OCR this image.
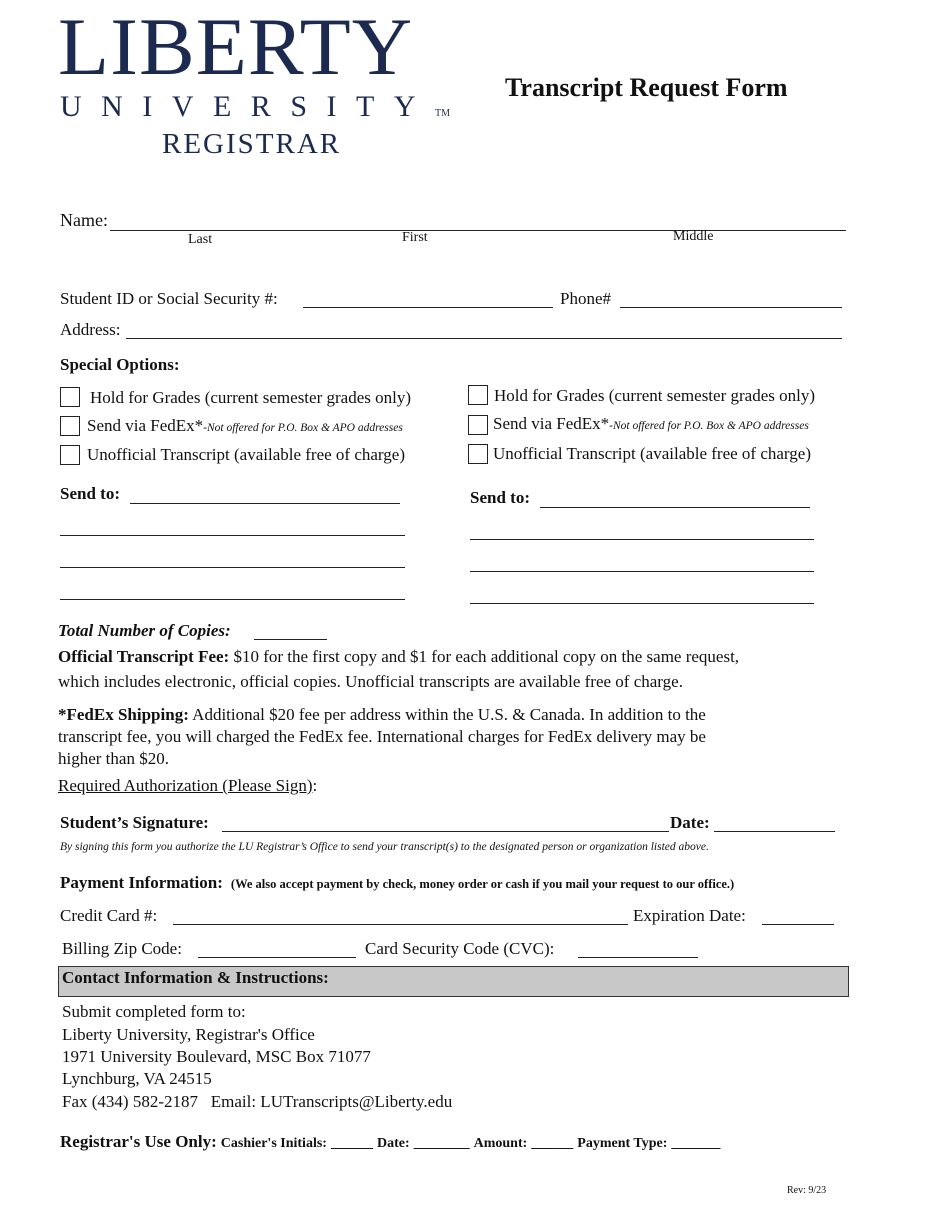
LIBERTY
UNIVERSITYTM
REGISTRAR
Transcript Request Form
Name:
Last	First	Middle
Student ID or Social Security #:	Phone#
Address:
Special Options:
Hold for Grades (current semester grades only)
Send via FedEx*-Not offered for P.O. Box & APO addresses
Unofficial Transcript (available free of charge)
Hold for Grades (current semester grades only)
Send via FedEx*-Not offered for P.O. Box & APO addresses
Unofficial Transcript (available free of charge)
Send to:	Send to:
Total Number of Copies:
Official Transcript Fee: $10 for the first copy and $1 for each additional copy on the same request,
which includes electronic, official copies. Unofficial transcripts are available free of charge.
*FedEx Shipping: Additional $20 fee per address within the U.S. & Canada. In addition to the
transcript fee, you will charged the FedEx fee. International charges for FedEx delivery may be
higher than $20.
Required Authorization (Please Sign):
Student’s Signature:	Date:
By signing this form you authorize the LU Registrar’s Office to send your transcript(s) to the designated person or organization listed above.
Payment Information: (We also accept payment by check, money order or cash if you mail your request to our office.)
Credit Card #:	Expiration Date:
Billing Zip Code:	Card Security Code (CVC):
Contact Information & Instructions:
Submit completed form to:
Liberty University, Registrar's Office
1971 University Boulevard, MSC Box 71077
Lynchburg, VA 24515
Fax (434) 582-2187   Email: LUTranscripts@Liberty.edu
Registrar's Use Only: Cashier's Initials: ______ Date: ________ Amount: ______ Payment Type: _______
Rev: 9/23
